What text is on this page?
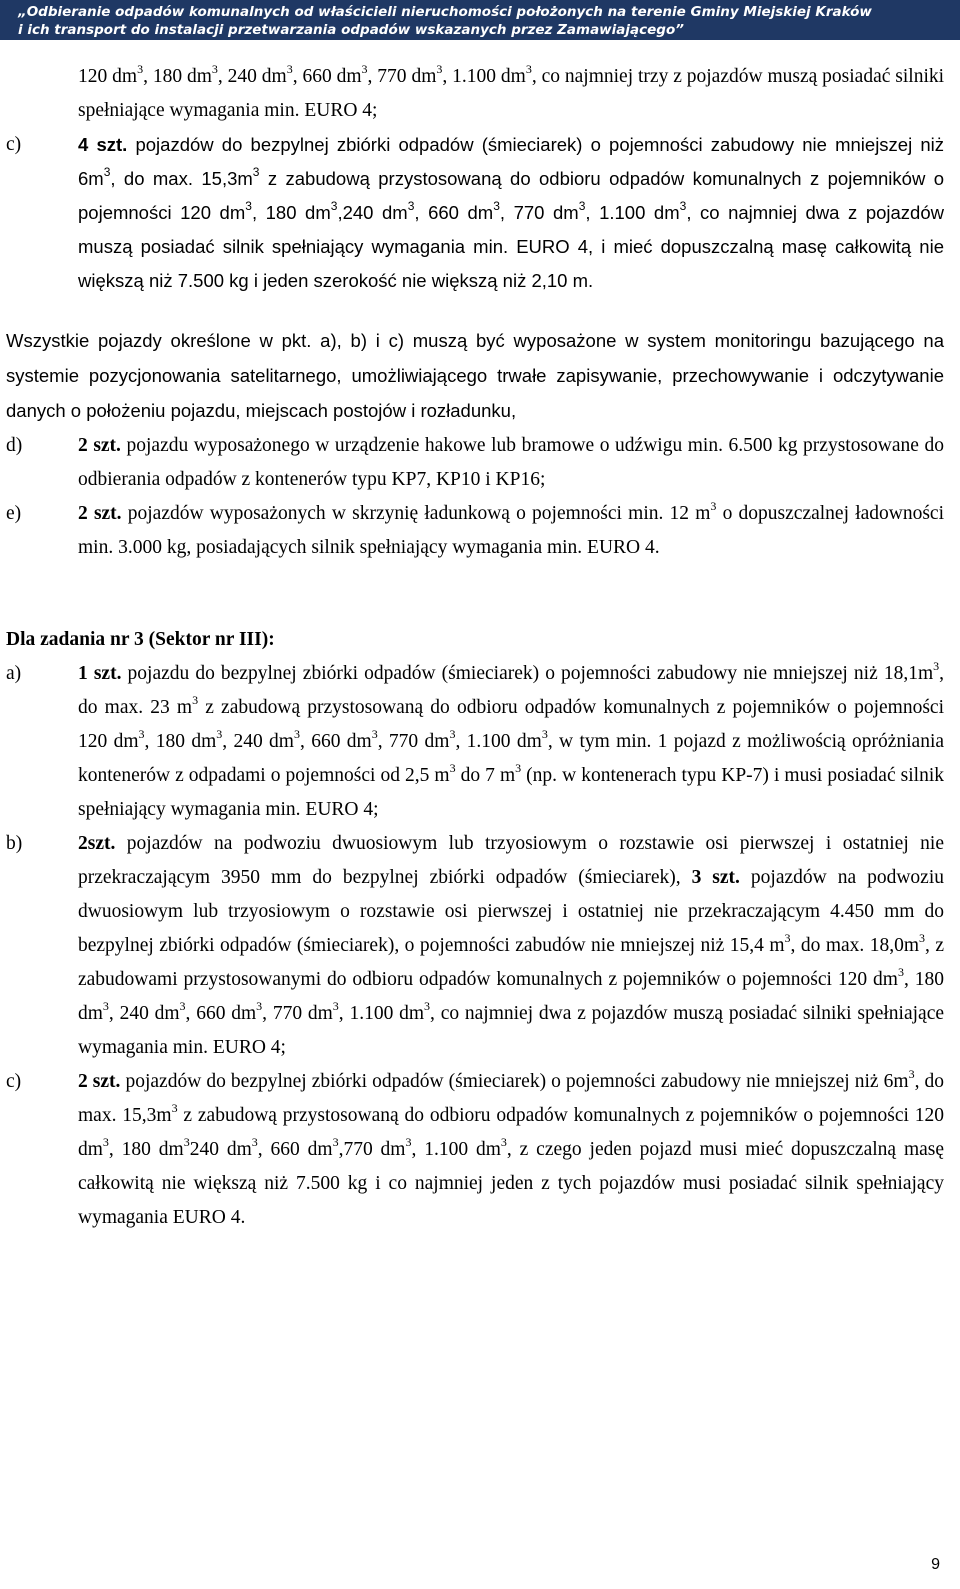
„Odbieranie odpadów komunalnych od właścicieli nieruchomości położonych na terenie Gminy Miejskiej Kraków
i ich transport do instalacji przetwarzania odpadów wskazanych przez Zamawiającego”
120 $dm^3$, 180 $dm^3$, 240 $dm^3$, 660 $dm^3$, 770 $dm^3$, 1.100 $dm^3$, co najmniej trzy z pojazdów muszą posiadać silniki spełniające wymagania min. EURO 4;
c)	4 szt. pojazdów do bezpylnej zbiórki odpadów (śmieciarek) o pojemności zabudowy nie mniejszej niż $6m^3$, do max. $15,3m^3$ z zabudową przystosowaną do odbioru odpadów komunalnych z pojemników o pojemności 120 $dm^3$, 180 $dm^3,240$ $dm^3$, 660 $dm^3$, 770 $dm^3$, 1.100 $dm^3$, co najmniej dwa z pojazdów muszą posiadać silnik spełniający wymagania min. EURO 4, i mieć dopuszczalną masę całkowitą nie większą niż 7.500 kg i jeden szerokość nie większą niż 2,10 m.

Wszystkie pojazdy określone w pkt. a), b) i c) muszą być wyposażone w system monitoringu bazującego na systemie pozycjonowania satelitarnego, umożliwiającego trwałe zapisywanie, przechowywanie i odczytywanie danych o położeniu pojazdu, miejscach postojów i rozładunku,

d)	2 szt. pojazdu wyposażonego w urządzenie hakowe lub bramowe o udźwigu min. 6.500 kg przystosowane do odbierania odpadów z kontenerów typu KP7, KP10 i KP16;
e)	2 szt. pojazdów wyposażonych w skrzynię ładunkową o pojemności min. 12 $m^3$ o dopuszczalnej ładowności min. 3.000 kg, posiadających silnik spełniający wymagania min. EURO 4.

Dla zadania nr 3 (Sektor nr III):

a)	1 szt. pojazdu do bezpylnej zbiórki odpadów (śmieciarek) o pojemności zabudowy nie mniejszej niż $18,1m^3$, do max. 23 $m^3$ z zabudową przystosowaną do odbioru odpadów komunalnych z pojemników o pojemności 120 $dm^3$, 180 $dm^3$, 240 $dm^3$, 660 $dm^3$, 770 $dm^3$, 1.100 $dm^3$, w tym min. 1 pojazd z możliwością opróżniania kontenerów z odpadami o pojemności od 2,5 $m^3$ do 7 $m^3$ (np. w kontenerach typu KP-7) i musi posiadać silnik spełniający wymagania min. EURO 4;
b)	2szt. pojazdów na podwoziu dwuosiowym lub trzyosiowym o rozstawie osi pierwszej i ostatniej nie przekraczającym 3950 mm do bezpylnej zbiórki odpadów (śmieciarek), 3 szt. pojazdów na podwoziu dwuosiowym lub trzyosiowym o rozstawie osi pierwszej i ostatniej nie przekraczającym 4.450 mm do bezpylnej zbiórki odpadów (śmieciarek), o pojemności zabudów nie mniejszej niż 15,4 $m^3$, do max. $18,0m^3$, z zabudowami przystosowanymi do odbioru odpadów komunalnych z pojemników o pojemności 120 $dm^3$, 180 $dm^3$, 240 $dm^3$, 660 $dm^3$, 770 $dm^3$, 1.100 $dm^3$, co najmniej dwa z pojazdów muszą posiadać silniki spełniające wymagania min. EURO 4;
c)	2 szt. pojazdów do bezpylnej zbiórki odpadów (śmieciarek) o pojemności zabudowy nie mniejszej niż $6m^3$, do max. $15,3m^3$ z zabudową przystosowaną do odbioru odpadów komunalnych z pojemników o pojemności 120 $dm^3$, 180 $dm^3240$ $dm^3$, 660 $dm^3,770$ $dm^3$, 1.100 $dm^3$, z czego jeden pojazd musi mieć dopuszczalną masę całkowitą nie większą niż 7.500 kg i co najmniej jeden z tych pojazdów musi posiadać silnik spełniający wymagania EURO 4.
9
